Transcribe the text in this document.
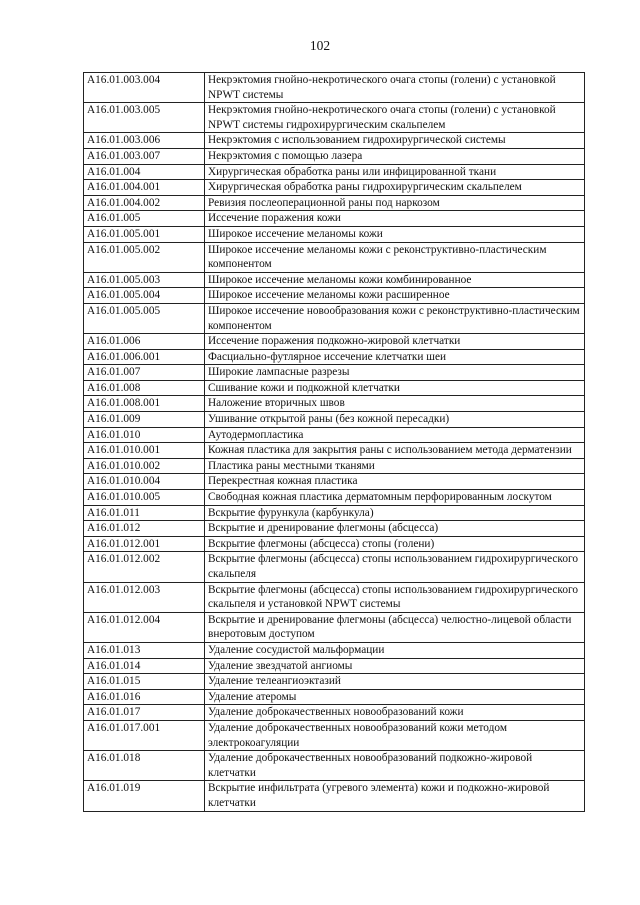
102
A16.01.003.004	Некрэктомия гнойно-некротического очага стопы (голени) с установкой NPWT системы
A16.01.003.005	Некрэктомия гнойно-некротического очага стопы (голени) с установкой NPWT системы гидрохирургическим скальпелем
A16.01.003.006	Некрэктомия с использованием гидрохирургической системы
A16.01.003.007	Некрэктомия с помощью лазера
A16.01.004	Хирургическая обработка раны или инфицированной ткани
A16.01.004.001	Хирургическая обработка раны гидрохирургическим скальпелем
A16.01.004.002	Ревизия послеоперационной раны под наркозом
A16.01.005	Иссечение поражения кожи
A16.01.005.001	Широкое иссечение меланомы кожи
A16.01.005.002	Широкое иссечение меланомы кожи с реконструктивно-пластическим компонентом
A16.01.005.003	Широкое иссечение меланомы кожи комбинированное
A16.01.005.004	Широкое иссечение меланомы кожи расширенное
A16.01.005.005	Широкое иссечение новообразования кожи с реконструктивно-пластическим компонентом
A16.01.006	Иссечение поражения подкожно-жировой клетчатки
A16.01.006.001	Фасциально-футлярное иссечение клетчатки шеи
A16.01.007	Широкие лампасные разрезы
A16.01.008	Сшивание кожи и подкожной клетчатки
A16.01.008.001	Наложение вторичных швов
A16.01.009	Ушивание открытой раны (без кожной пересадки)
A16.01.010	Аутодермопластика
A16.01.010.001	Кожная пластика для закрытия раны с использованием метода дерматензии
A16.01.010.002	Пластика раны местными тканями
A16.01.010.004	Перекрестная кожная пластика
A16.01.010.005	Свободная кожная пластика дерматомным перфорированным лоскутом
A16.01.011	Вскрытие фурункула (карбункула)
A16.01.012	Вскрытие и дренирование флегмоны (абсцесса)
A16.01.012.001	Вскрытие флегмоны (абсцесса) стопы (голени)
A16.01.012.002	Вскрытие флегмоны (абсцесса) стопы использованием гидрохирургического скальпеля
A16.01.012.003	Вскрытие флегмоны (абсцесса) стопы использованием гидрохирургического скальпеля и установкой NPWT системы
A16.01.012.004	Вскрытие и дренирование флегмоны (абсцесса) челюстно-лицевой области внеротовым доступом
A16.01.013	Удаление сосудистой мальформации
A16.01.014	Удаление звездчатой ангиомы
A16.01.015	Удаление телеангиоэктазий
A16.01.016	Удаление атеромы
A16.01.017	Удаление доброкачественных новообразований кожи
A16.01.017.001	Удаление доброкачественных новообразований кожи методом электрокоагуляции
A16.01.018	Удаление доброкачественных новообразований подкожно-жировой клетчатки
A16.01.019	Вскрытие инфильтрата (угревого элемента) кожи и подкожно-жировой клетчатки
